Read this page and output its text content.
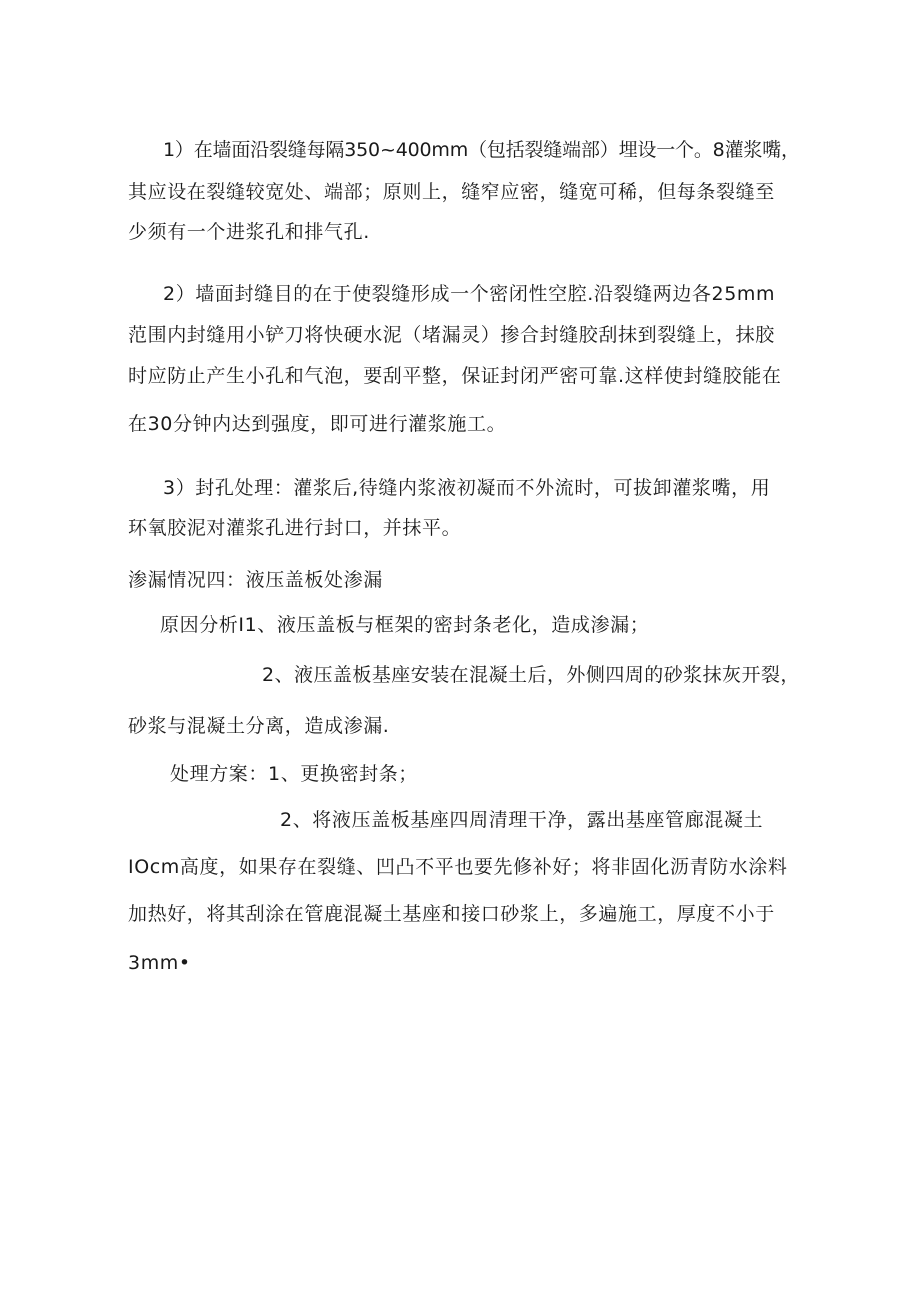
1）在墙面沿裂缝每隔350~400mm（包括裂缝端部）埋设一个。8灌浆嘴，
其应设在裂缝较宽处、端部；原则上，缝窄应密，缝宽可稀，但每条裂缝至
少须有一个进浆孔和排气孔.
2）墙面封缝目的在于使裂缝形成一个密闭性空腔.沿裂缝两边各25mm
范围内封缝用小铲刀将快硬水泥（堵漏灵）掺合封缝胶刮抹到裂缝上，抹胶
时应防止产生小孔和气泡，要刮平整，保证封闭严密可靠.这样使封缝胶能在
在30分钟内达到强度，即可进行灌浆施工。
3）封孔处理：灌浆后,待缝内浆液初凝而不外流时，可拔卸灌浆嘴，用
环氧胶泥对灌浆孔进行封口，并抹平。
渗漏情况四：液压盖板处渗漏
原因分析I1、液压盖板与框架的密封条老化，造成渗漏；
2、液压盖板基座安装在混凝土后，外侧四周的砂浆抹灰开裂，
砂浆与混凝土分离，造成渗漏.
处理方案：1、更换密封条；
2、将液压盖板基座四周清理干净，露出基座管廊混凝土
IOcm高度，如果存在裂缝、凹凸不平也要先修补好；将非固化沥青防水涂料
加热好，将其刮涂在管鹿混凝土基座和接口砂浆上，多遍施工，厚度不小于
3mm•
